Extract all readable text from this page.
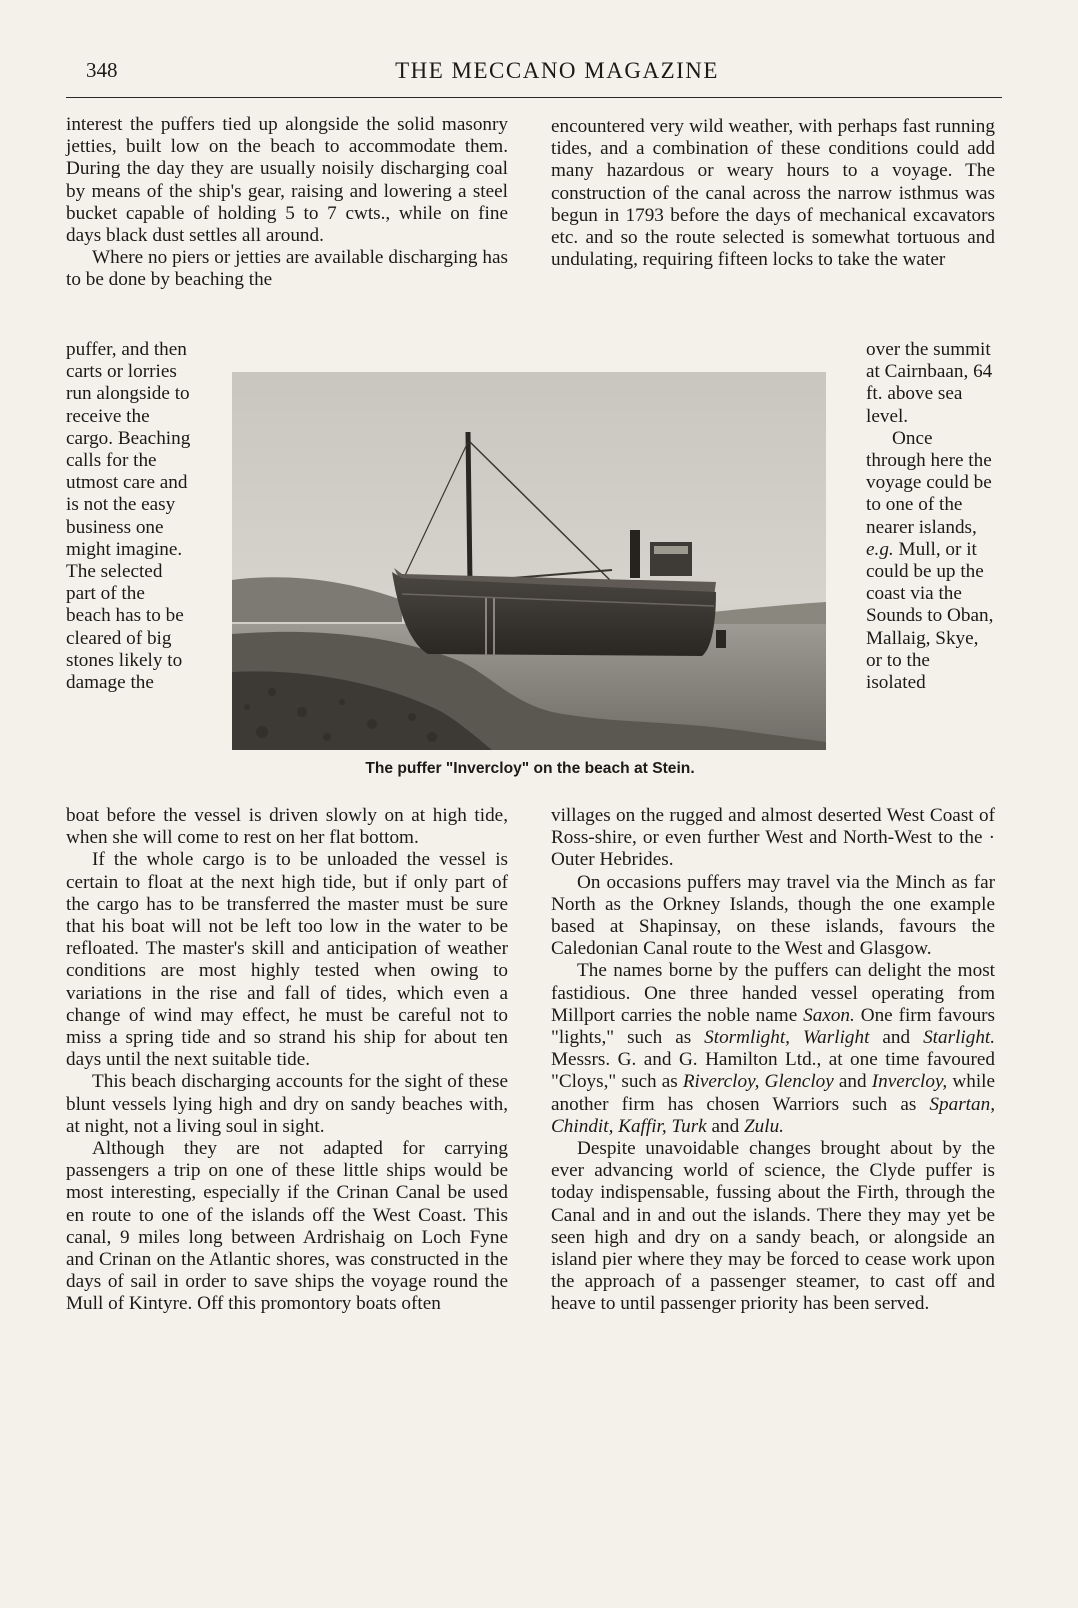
348	THE MECCANO MAGAZINE

interest the puffers tied up alongside the solid masonry jetties, built low on the beach to accommodate them. During the day they are usually noisily discharging coal by means of the ship's gear, raising and lowering a steel bucket capable of holding 5 to 7 cwts., while on fine days black dust settles all around.

Where no piers or jetties are available discharging has to be done by beaching the

puffer, and then carts or lorries run alongside to receive the cargo. Beaching calls for the utmost care and is not the easy business one might imagine. The selected part of the beach has to be cleared of big stones likely to damage the

boat before the vessel is driven slowly on at high tide, when she will come to rest on her flat bottom.

If the whole cargo is to be unloaded the vessel is certain to float at the next high tide, but if only part of the cargo has to be transferred the master must be sure that his boat will not be left too low in the water to be refloated. The master's skill and anticipation of weather conditions are most highly tested when owing to variations in the rise and fall of tides, which even a change of wind may effect, he must be careful not to miss a spring tide and so strand his ship for about ten days until the next suitable tide.

This beach discharging accounts for the sight of these blunt vessels lying high and dry on sandy beaches with, at night, not a living soul in sight.

Although they are not adapted for carrying passengers a trip on one of these little ships would be most interesting, especially if the Crinan Canal be used en route to one of the islands off the West Coast. This canal, 9 miles long between Ardrishaig on Loch Fyne and Crinan on the Atlantic shores, was constructed in the days of sail in order to save ships the voyage round the Mull of Kintyre. Off this promontory boats often

encountered very wild weather, with perhaps fast running tides, and a combination of these conditions could add many hazardous or weary hours to a voyage. The construction of the canal across the narrow isthmus was begun in 1793 before the days of mechanical excavators etc. and so the route selected is somewhat tortuous and undulating, requiring fifteen locks to take the water

over the summit at Cairnbaan, 64 ft. above sea level.

Once through here the voyage could be to one of the nearer islands, e.g. Mull, or it could be up the coast via the Sounds to Oban, Mallaig, Skye, or to the isolated

The puffer "Invercloy" on the beach at Stein.

villages on the rugged and almost deserted West Coast of Ross-shire, or even further West and North-West to the · Outer Hebrides.

On occasions puffers may travel via the Minch as far North as the Orkney Islands, though the one example based at Shapinsay, on these islands, favours the Caledonian Canal route to the West and Glasgow.

The names borne by the puffers can delight the most fastidious. One three handed vessel operating from Millport carries the noble name Saxon. One firm favours "lights," such as Stormlight, Warlight and Starlight. Messrs. G. and G. Hamilton Ltd., at one time favoured "Cloys," such as Rivercloy, Glencloy and Invercloy, while another firm has chosen Warriors such as Spartan, Chindit, Kaffir, Turk and Zulu.

Despite unavoidable changes brought about by the ever advancing world of science, the Clyde puffer is today indispensable, fussing about the Firth, through the Canal and in and out the islands. There they may yet be seen high and dry on a sandy beach, or alongside an island pier where they may be forced to cease work upon the approach of a passenger steamer, to cast off and heave to until passenger priority has been served.
